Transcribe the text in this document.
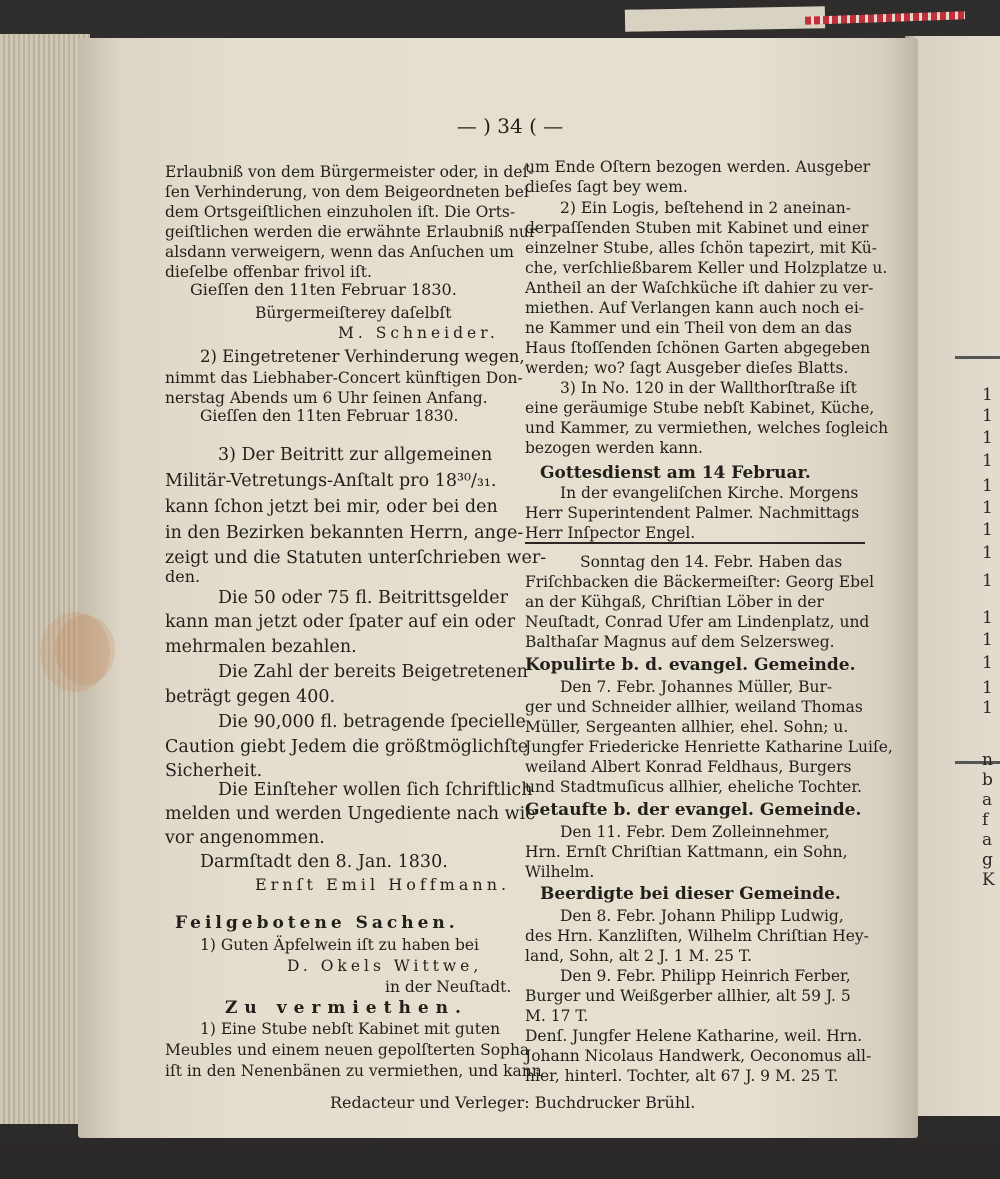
1
1
1
1
1
1
1
1
1
1
1
1
1
1
n
b
a
f
a
g
K
— ) 34 ( —
Erlaubniß von dem Bürgermeister oder, in deſ-
ſen Verhinderung, von dem Beigeordneten bei
dem Ortsgeiſtlichen einzuholen iſt. Die Orts-
geiſtlichen werden die erwähnte Erlaubniß nur
alsdann verweigern, wenn das Anſuchen um
dieſelbe offenbar frivol iſt.
Gieſſen den 11ten Februar 1830.
Bürgermeiſterey daſelbſt
M. Schneider.
2) Eingetretener Verhinderung wegen,
nimmt das Liebhaber-Concert künftigen Don-
nerstag Abends um 6 Uhr ſeinen Anfang.
Gieſſen den 11ten Februar 1830.
3) Der Beitritt zur allgemeinen
Militär-Vetretungs-Anſtalt pro 18³⁰/₃₁.
kann ſchon jetzt bei mir, oder bei den
in den Bezirken bekannten Herrn, ange-
zeigt und die Statuten unterſchrieben wer-
den.
Die 50 oder 75 fl. Beitrittsgelder
kann man jetzt oder ſpater auf ein oder
mehrmalen bezahlen.
Die Zahl der bereits Beigetretenen
beträgt gegen 400.
Die 90,000 fl. betragende ſpecielle
Caution giebt Jedem die größtmöglichſte
Sicherheit.
Die Einſteher wollen ſich ſchriftlich
melden und werden Ungediente nach wie
vor angenommen.
Darmſtadt den 8. Jan. 1830.
Ernſt Emil Hoffmann.
Feilgebotene Sachen.
1) Guten Äpfelwein iſt zu haben bei
D. Okels Wittwe,
in der Neuſtadt.
Zu vermiethen.
1) Eine Stube nebſt Kabinet mit guten
Meubles und einem neuen gepolſterten Sopha
iſt in den Nenenbänen zu vermiethen, und kann
um Ende Oſtern bezogen werden. Ausgeber
dieſes ſagt bey wem.
2) Ein Logis, beſtehend in 2 aneinan-
derpaſſenden Stuben mit Kabinet und einer
einzelner Stube, alles ſchön tapezirt, mit Kü-
che, verſchließbarem Keller und Holzplatze u.
Antheil an der Waſchküche iſt dahier zu ver-
miethen. Auf Verlangen kann auch noch ei-
ne Kammer und ein Theil von dem an das
Haus ſtoſſenden ſchönen Garten abgegeben
werden; wo? ſagt Ausgeber dieſes Blatts.
3) In No. 120 in der Wallthorſtraße iſt
eine geräumige Stube nebſt Kabinet, Küche,
und Kammer, zu vermiethen, welches ſogleich
bezogen werden kann.
Gottesdienst am 14 Februar.
In der evangeliſchen Kirche. Morgens
Herr Superintendent Palmer. Nachmittags
Herr Inſpector Engel.
Sonntag den 14. Febr. Haben das
Friſchbacken die Bäckermeiſter: Georg Ebel
an der Kühgaß, Chriſtian Löber in der
Neuſtadt, Conrad Ufer am Lindenplatz, und
Balthaſar Magnus auf dem Selzersweg.
Kopulirte b. d. evangel. Gemeinde.
Den 7. Febr. Johannes Müller, Bur-
ger und Schneider allhier, weiland Thomas
Müller, Sergeanten allhier, ehel. Sohn; u.
Jungfer Friedericke Henriette Katharine Luiſe,
weiland Albert Konrad Feldhaus, Burgers
und Stadtmuſicus allhier, eheliche Tochter.
Getaufte b. der evangel. Gemeinde.
Den 11. Febr. Dem Zolleinnehmer,
Hrn. Ernſt Chriſtian Kattmann, ein Sohn,
Wilhelm.
Beerdigte bei dieser Gemeinde.
Den 8. Febr. Johann Philipp Ludwig,
des Hrn. Kanzliſten, Wilhelm Chriſtian Hey-
land, Sohn, alt 2 J. 1 M. 25 T.
Den 9. Febr. Philipp Heinrich Ferber,
Burger und Weißgerber allhier, alt 59 J. 5
M. 17 T.
Denſ. Jungfer Helene Katharine, weil. Hrn.
Johann Nicolaus Handwerk, Oeconomus all-
hier, hinterl. Tochter, alt 67 J. 9 M. 25 T.
Redacteur und Verleger: Buchdrucker Brühl.
